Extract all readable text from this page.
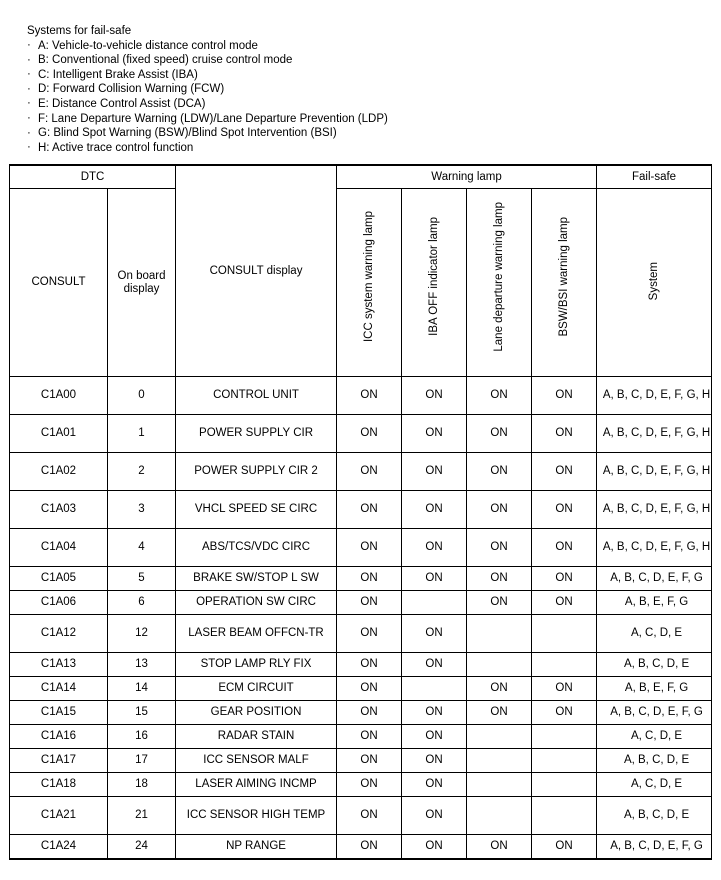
Systems for fail-safe
· A: Vehicle-to-vehicle distance control mode
· B: Conventional (fixed speed) cruise control mode
· C: Intelligent Brake Assist (IBA)
· D: Forward Collision Warning (FCW)
· E: Distance Control Assist (DCA)
· F: Lane Departure Warning (LDW)/Lane Departure Prevention (LDP)
· G: Blind Spot Warning (BSW)/Blind Spot Intervention (BSI)
· H: Active trace control function
DTC		CONSULT display	Warning lamp				Fail-safe
CONSULT	On board
display		ICC system warning lamp	IBA OFF indicator lamp	Lane departure warning lamp	BSW/BSI warning lamp	System
C1A00	0	CONTROL UNIT	ON	ON	ON	ON	A, B, C, D, E, F, G, H
C1A01	1	POWER SUPPLY CIR	ON	ON	ON	ON	A, B, C, D, E, F, G, H
C1A02	2	POWER SUPPLY CIR 2	ON	ON	ON	ON	A, B, C, D, E, F, G, H
C1A03	3	VHCL SPEED SE CIRC	ON	ON	ON	ON	A, B, C, D, E, F, G, H
C1A04	4	ABS/TCS/VDC CIRC	ON	ON	ON	ON	A, B, C, D, E, F, G, H
C1A05	5	BRAKE SW/STOP L SW	ON	ON	ON	ON	A, B, C, D, E, F, G
C1A06	6	OPERATION SW CIRC	ON		ON	ON	A, B, E, F, G
C1A12	12	LASER BEAM OFFCN-TR	ON	ON			A, C, D, E
C1A13	13	STOP LAMP RLY FIX	ON	ON			A, B, C, D, E
C1A14	14	ECM CIRCUIT	ON		ON	ON	A, B, E, F, G
C1A15	15	GEAR POSITION	ON	ON	ON	ON	A, B, C, D, E, F, G
C1A16	16	RADAR STAIN	ON	ON			A, C, D, E
C1A17	17	ICC SENSOR MALF	ON	ON			A, B, C, D, E
C1A18	18	LASER AIMING INCMP	ON	ON			A, C, D, E
C1A21	21	ICC SENSOR HIGH TEMP	ON	ON			A, B, C, D, E
C1A24	24	NP RANGE	ON	ON	ON	ON	A, B, C, D, E, F, G
